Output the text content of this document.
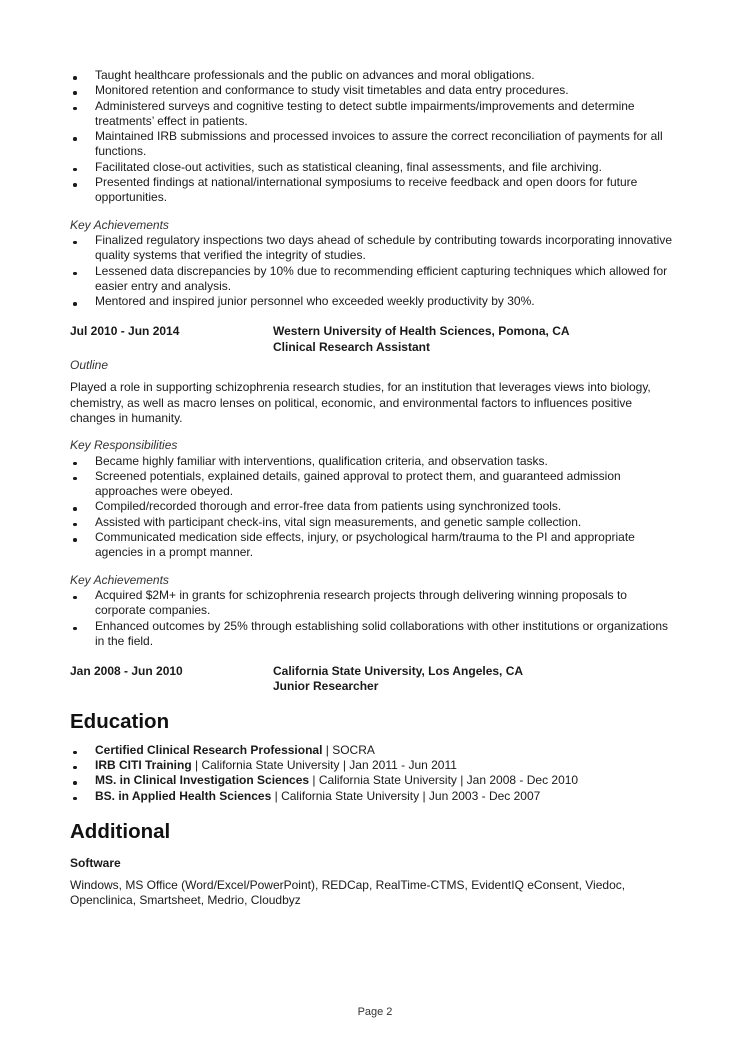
Taught healthcare professionals and the public on advances and moral obligations.
Monitored retention and conformance to study visit timetables and data entry procedures.
Administered surveys and cognitive testing to detect subtle impairments/improvements and determine treatments’ effect in patients.
Maintained IRB submissions and processed invoices to assure the correct reconciliation of payments for all functions.
Facilitated close-out activities, such as statistical cleaning, final assessments, and file archiving.
Presented findings at national/international symposiums to receive feedback and open doors for future opportunities.
Key Achievements
Finalized regulatory inspections two days ahead of schedule by contributing towards incorporating innovative quality systems that verified the integrity of studies.
Lessened data discrepancies by 10% due to recommending efficient capturing techniques which allowed for easier entry and analysis.
Mentored and inspired junior personnel who exceeded weekly productivity by 30%.
Jul 2010 - Jun 2014	Western University of Health Sciences, Pomona, CA
Clinical Research Assistant
Outline
Played a role in supporting schizophrenia research studies, for an institution that leverages views into biology, chemistry, as well as macro lenses on political, economic, and environmental factors to influences positive changes in humanity.
Key Responsibilities
Became highly familiar with interventions, qualification criteria, and observation tasks.
Screened potentials, explained details, gained approval to protect them, and guaranteed admission approaches were obeyed.
Compiled/recorded thorough and error-free data from patients using synchronized tools.
Assisted with participant check-ins, vital sign measurements, and genetic sample collection.
Communicated medication side effects, injury, or psychological harm/trauma to the PI and appropriate agencies in a prompt manner.
Key Achievements
Acquired $2M+ in grants for schizophrenia research projects through delivering winning proposals to corporate companies.
Enhanced outcomes by 25% through establishing solid collaborations with other institutions or organizations in the field.
Jan 2008 - Jun 2010	California State University, Los Angeles, CA
Junior Researcher
Education
Certified Clinical Research Professional | SOCRA
IRB CITI Training | California State University | Jan 2011 - Jun 2011
MS. in Clinical Investigation Sciences | California State University | Jan 2008 - Dec 2010
BS. in Applied Health Sciences | California State University | Jun 2003 - Dec 2007
Additional
Software
Windows, MS Office (Word/Excel/PowerPoint), REDCap, RealTime-CTMS, EvidentIQ eConsent, Viedoc, Openclinica, Smartsheet, Medrio, Cloudbyz
Page 2
